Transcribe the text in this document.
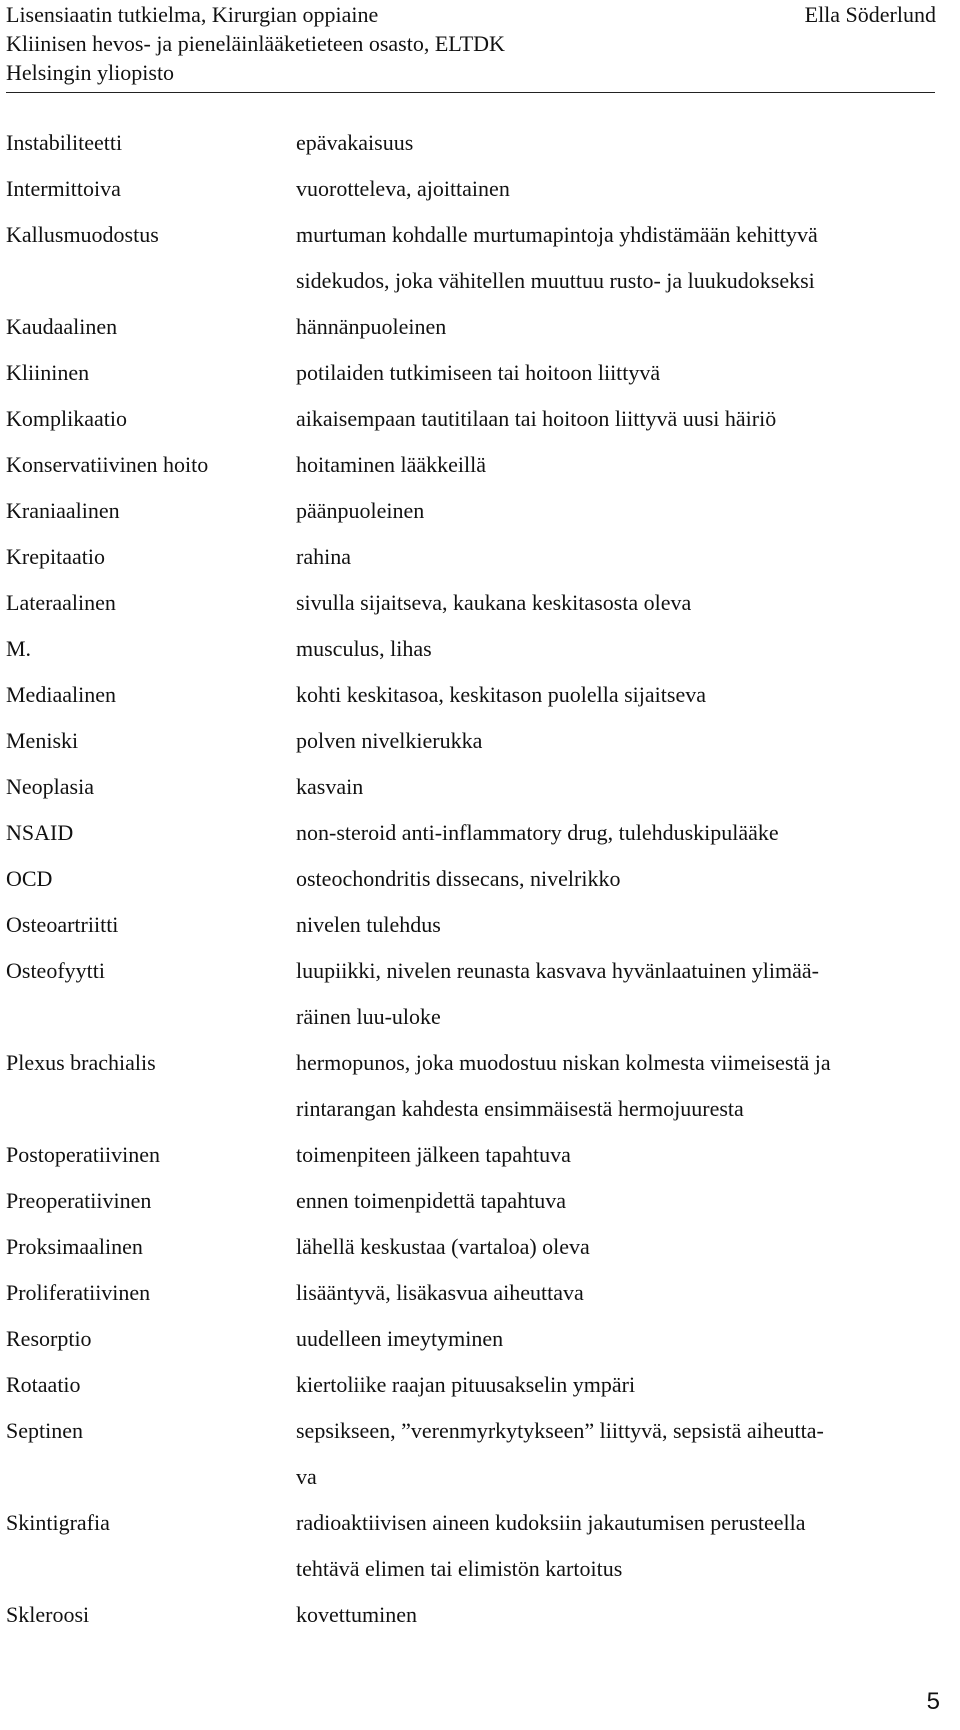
Lisensiaatin tutkielma, Kirurgian oppiaine
Kliinisen hevos- ja pieneläinlääketieteen osasto, ELTDK
Helsingin yliopisto
Ella Söderlund
Instabiliteetti	epävakaisuus
Intermittoiva	vuorotteleva, ajoittainen
Kallusmuodostus	murtuman kohdalle murtumapintoja yhdistämään kehittyvä
sidekudos, joka vähitellen muuttuu rusto- ja luukudokseksi
Kaudaalinen	hännänpuoleinen
Kliininen	potilaiden tutkimiseen tai hoitoon liittyvä
Komplikaatio	aikaisempaan tautitilaan tai hoitoon liittyvä uusi häiriö
Konservatiivinen hoito	hoitaminen lääkkeillä
Kraniaalinen	päänpuoleinen
Krepitaatio	rahina
Lateraalinen	sivulla sijaitseva, kaukana keskitasosta oleva
M.	musculus, lihas
Mediaalinen	kohti keskitasoa, keskitason puolella sijaitseva
Meniski	polven nivelkierukka
Neoplasia	kasvain
NSAID	non-steroid anti-inflammatory drug, tulehduskipulääke
OCD	osteochondritis dissecans, nivelrikko
Osteoartriitti	nivelen tulehdus
Osteofyytti	luupiikki, nivelen reunasta kasvava hyvänlaatuinen ylimää-
räinen luu-uloke
Plexus brachialis	hermopunos, joka muodostuu niskan kolmesta viimeisestä ja
rintarangan kahdesta ensimmäisestä hermojuuresta
Postoperatiivinen	toimenpiteen jälkeen tapahtuva
Preoperatiivinen	ennen toimenpidettä tapahtuva
Proksimaalinen	lähellä keskustaa (vartaloa) oleva
Proliferatiivinen	lisääntyvä, lisäkasvua aiheuttava
Resorptio	uudelleen imeytyminen
Rotaatio	kiertoliike raajan pituusakselin ympäri
Septinen	sepsikseen, ”verenmyrkytykseen” liittyvä, sepsistä aiheutta-
va
Skintigrafia	radioaktiivisen aineen kudoksiin jakautumisen perusteella
tehtävä elimen tai elimistön kartoitus
Skleroosi	kovettuminen
5
